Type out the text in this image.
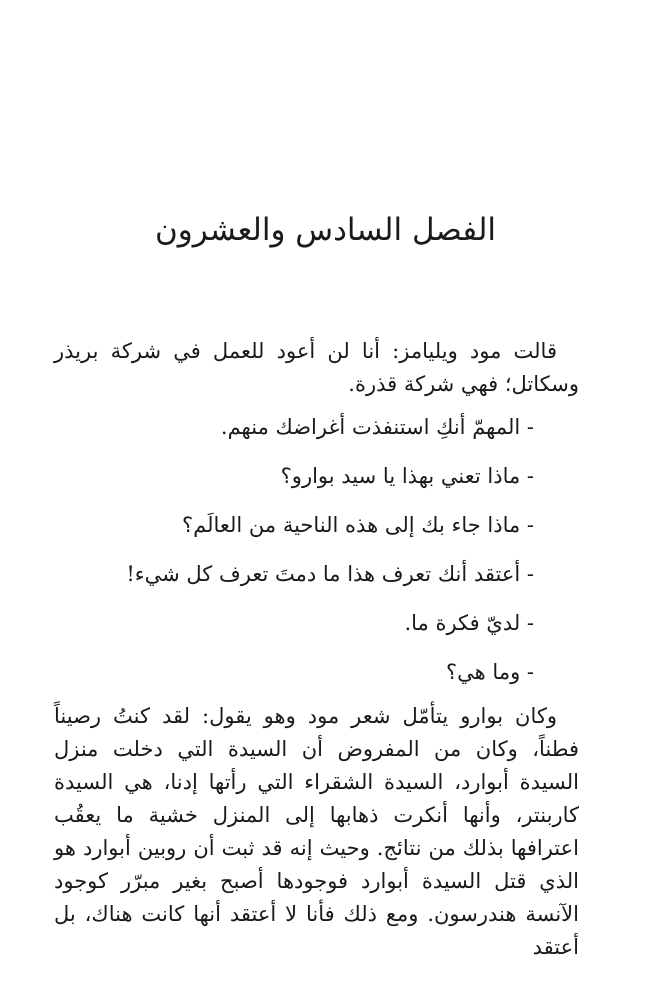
الفصل السادس والعشرون

قالت مود ويليامز: أنا لن أعود للعمل في شركة بريذر وسكاتل؛ فهي شركة قذرة.

- المهمّ أنكِ استنفذت أغراضك منهم.
- ماذا تعني بهذا يا سيد بوارو؟
- ماذا جاء بك إلى هذه الناحية من العالَم؟
- أعتقد أنك تعرف هذا ما دمتَ تعرف كل شيء!
- لديّ فكرة ما.
- وما هي؟

وكان بوارو يتأمّل شعر مود وهو يقول: لقد كنتُ رصيناً فطناً، وكان من المفروض أن السيدة التي دخلت منزل السيدة أبوارد، السيدة الشقراء التي رأتها إدنا، هي السيدة كاربنتر، وأنها أنكرت ذهابها إلى المنزل خشية ما يعقُب اعترافها بذلك من نتائج. وحيث إنه قد ثبت أن روبين أبوارد هو الذي قتل السيدة أبوارد فوجودها أصبح بغير مبرّر كوجود الآنسة هندرسون. ومع ذلك فأنا لا أعتقد أنها كانت هناك، بل أعتقد
